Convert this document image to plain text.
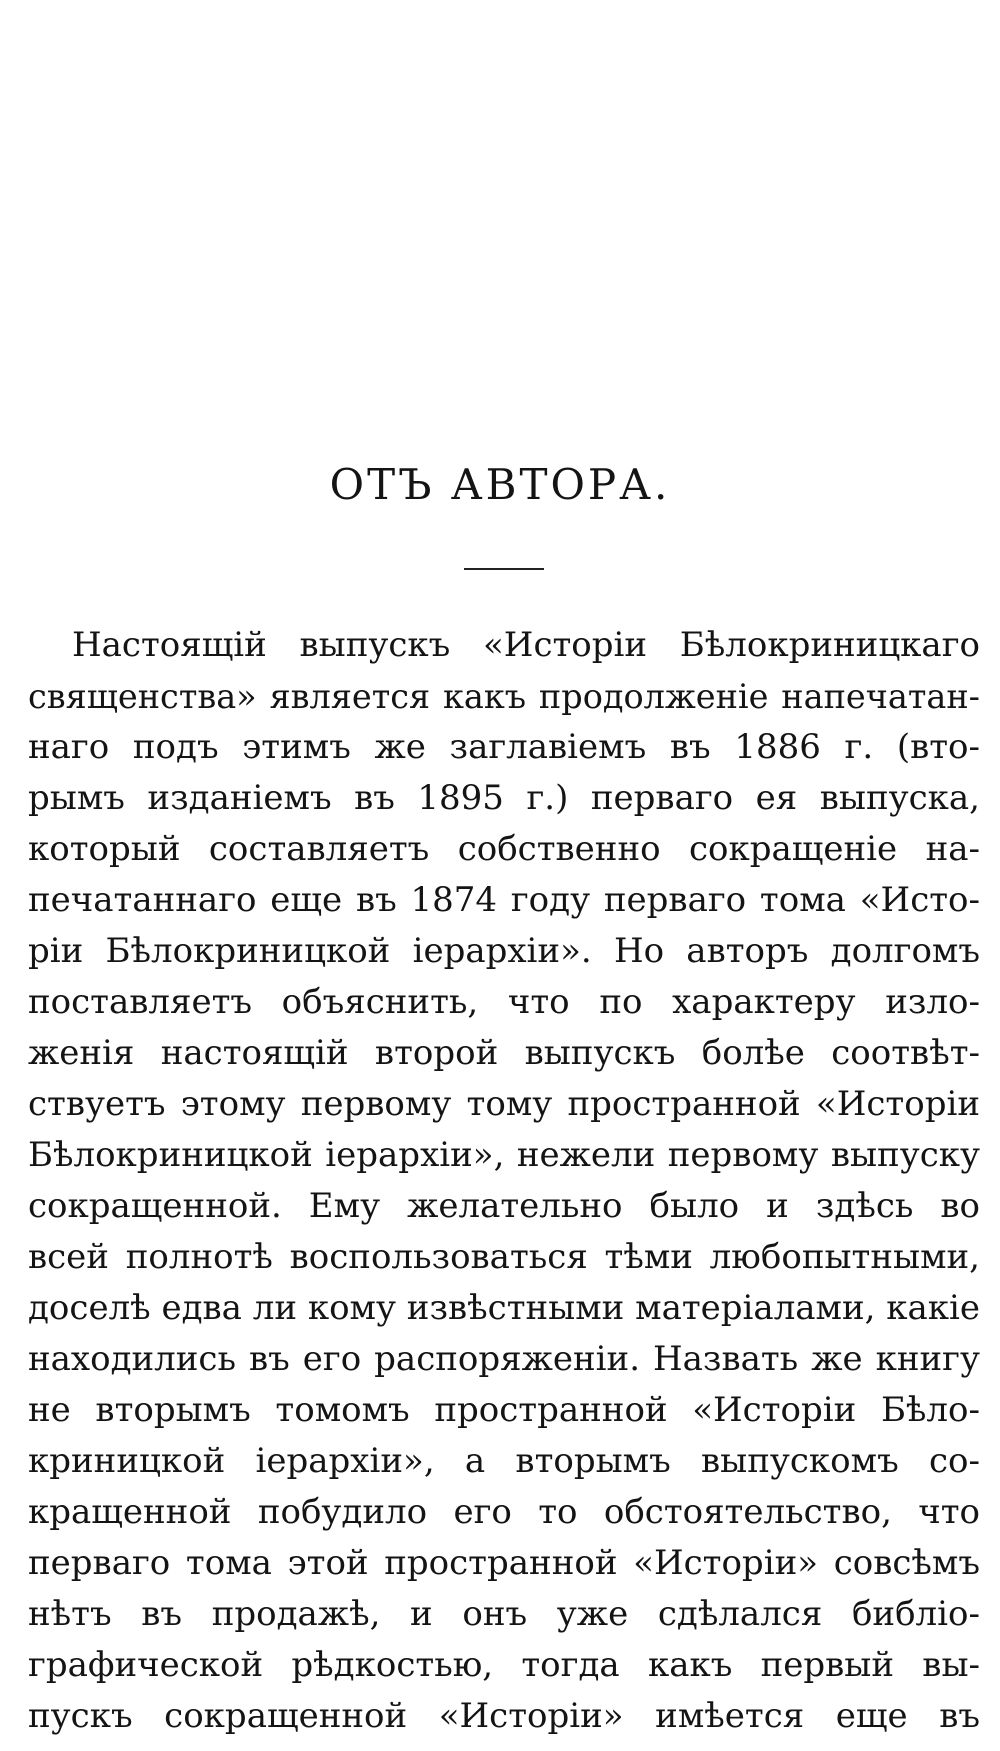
ОТЪ АВТОРА.
Настоящій выпускъ «Исторіи Бѣлокриницкаго
священства» является какъ продолженіе напечатан-
наго подъ этимъ же заглавіемъ въ 1886 г. (вто-
рымъ изданіемъ въ 1895 г.) перваго ея выпуска,
который составляетъ собственно сокращеніе на-
печатаннаго еще въ 1874 году перваго тома «Исто-
ріи Бѣлокриницкой іерархіи». Но авторъ долгомъ
поставляетъ объяснить, что по характеру изло-
женія настоящій второй выпускъ болѣе соотвѣт-
ствуетъ этому первому тому пространной «Исторіи
Бѣлокриницкой іерархіи», нежели первому выпуску
сокращенной. Ему желательно было и здѣсь во
всей полнотѣ воспользоваться тѣми любопытными,
доселѣ едва ли кому извѣстными матеріалами, какіе
находились въ его распоряженіи. Назвать же книгу
не вторымъ томомъ пространной «Исторіи Бѣло-
криницкой іерархіи», а вторымъ выпускомъ со-
кращенной побудило его то обстоятельство, что
перваго тома этой пространной «Исторіи» совсѣмъ
нѣтъ въ продажѣ, и онъ уже сдѣлался библіо-
графической рѣдкостью, тогда какъ первый вы-
пускъ сокращенной «Исторіи» имѣется еще въ
